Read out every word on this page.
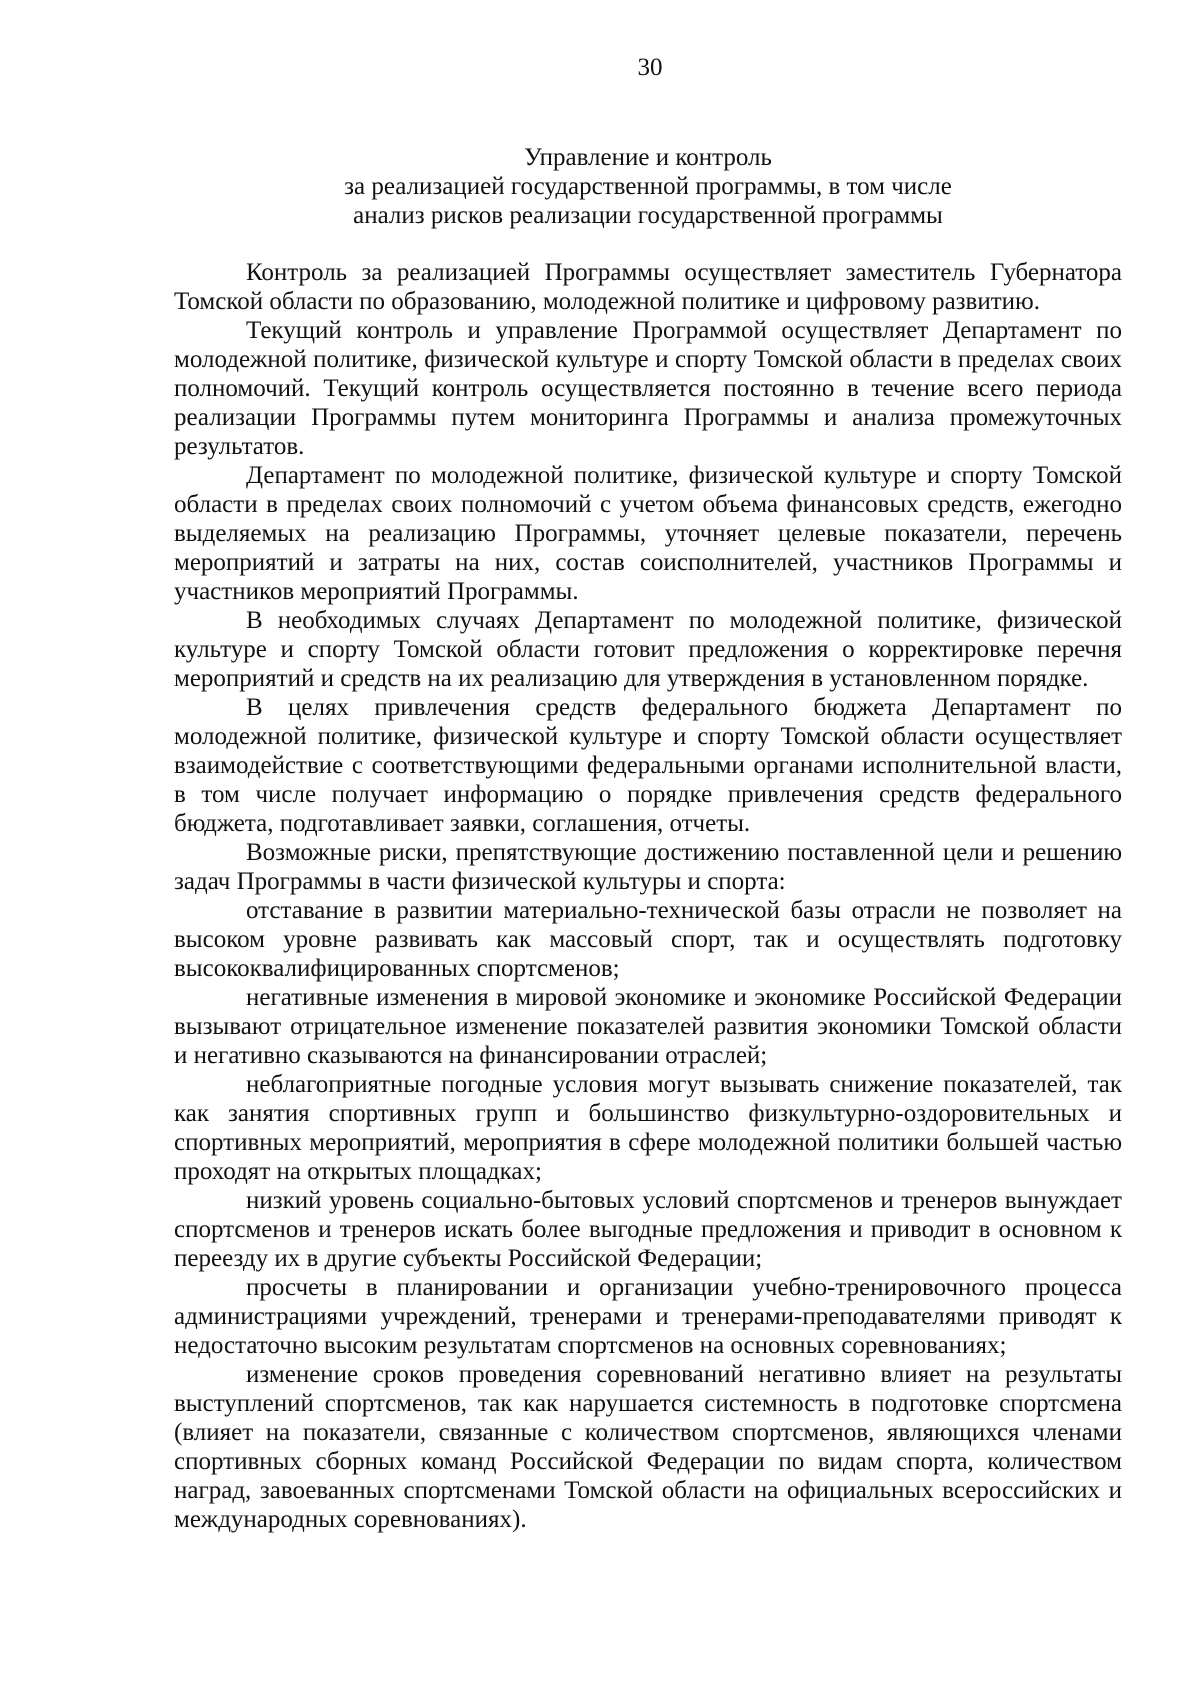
30
Управление и контроль
за реализацией государственной программы, в том числе
анализ рисков реализации государственной программы

Контроль за реализацией Программы осуществляет заместитель Губернатора Томской области по образованию, молодежной политике и цифровому развитию.

Текущий контроль и управление Программой осуществляет Департамент по молодежной политике, физической культуре и спорту Томской области в пределах своих полномочий. Текущий контроль осуществляется постоянно в течение всего периода реализации Программы путем мониторинга Программы и анализа промежуточных результатов.

Департамент по молодежной политике, физической культуре и спорту Томской области в пределах своих полномочий с учетом объема финансовых средств, ежегодно выделяемых на реализацию Программы, уточняет целевые показатели, перечень мероприятий и затраты на них, состав соисполнителей, участников Программы и участников мероприятий Программы.

В необходимых случаях Департамент по молодежной политике, физической культуре и спорту Томской области готовит предложения о корректировке перечня мероприятий и средств на их реализацию для утверждения в установленном порядке.

В целях привлечения средств федерального бюджета Департамент по молодежной политике, физической культуре и спорту Томской области осуществляет взаимодействие с соответствующими федеральными органами исполнительной власти, в том числе получает информацию о порядке привлечения средств федерального бюджета, подготавливает заявки, соглашения, отчеты.

Возможные риски, препятствующие достижению поставленной цели и решению задач Программы в части физической культуры и спорта:

отставание в развитии материально-технической базы отрасли не позволяет на высоком уровне развивать как массовый спорт, так и осуществлять подготовку высококвалифицированных спортсменов;

негативные изменения в мировой экономике и экономике Российской Федерации вызывают отрицательное изменение показателей развития экономики Томской области и негативно сказываются на финансировании отраслей;

неблагоприятные погодные условия могут вызывать снижение показателей, так как занятия спортивных групп и большинство физкультурно-оздоровительных и спортивных мероприятий, мероприятия в сфере молодежной политики большей частью проходят на открытых площадках;

низкий уровень социально-бытовых условий спортсменов и тренеров вынуждает спортсменов и тренеров искать более выгодные предложения и приводит в основном к переезду их в другие субъекты Российской Федерации;

просчеты в планировании и организации учебно-тренировочного процесса администрациями учреждений, тренерами и тренерами-преподавателями приводят к недостаточно высоким результатам спортсменов на основных соревнованиях;

изменение сроков проведения соревнований негативно влияет на результаты выступлений спортсменов, так как нарушается системность в подготовке спортсмена (влияет на показатели, связанные с количеством спортсменов, являющихся членами спортивных сборных команд Российской Федерации по видам спорта, количеством наград, завоеванных спортсменами Томской области на официальных всероссийских и международных соревнованиях).
